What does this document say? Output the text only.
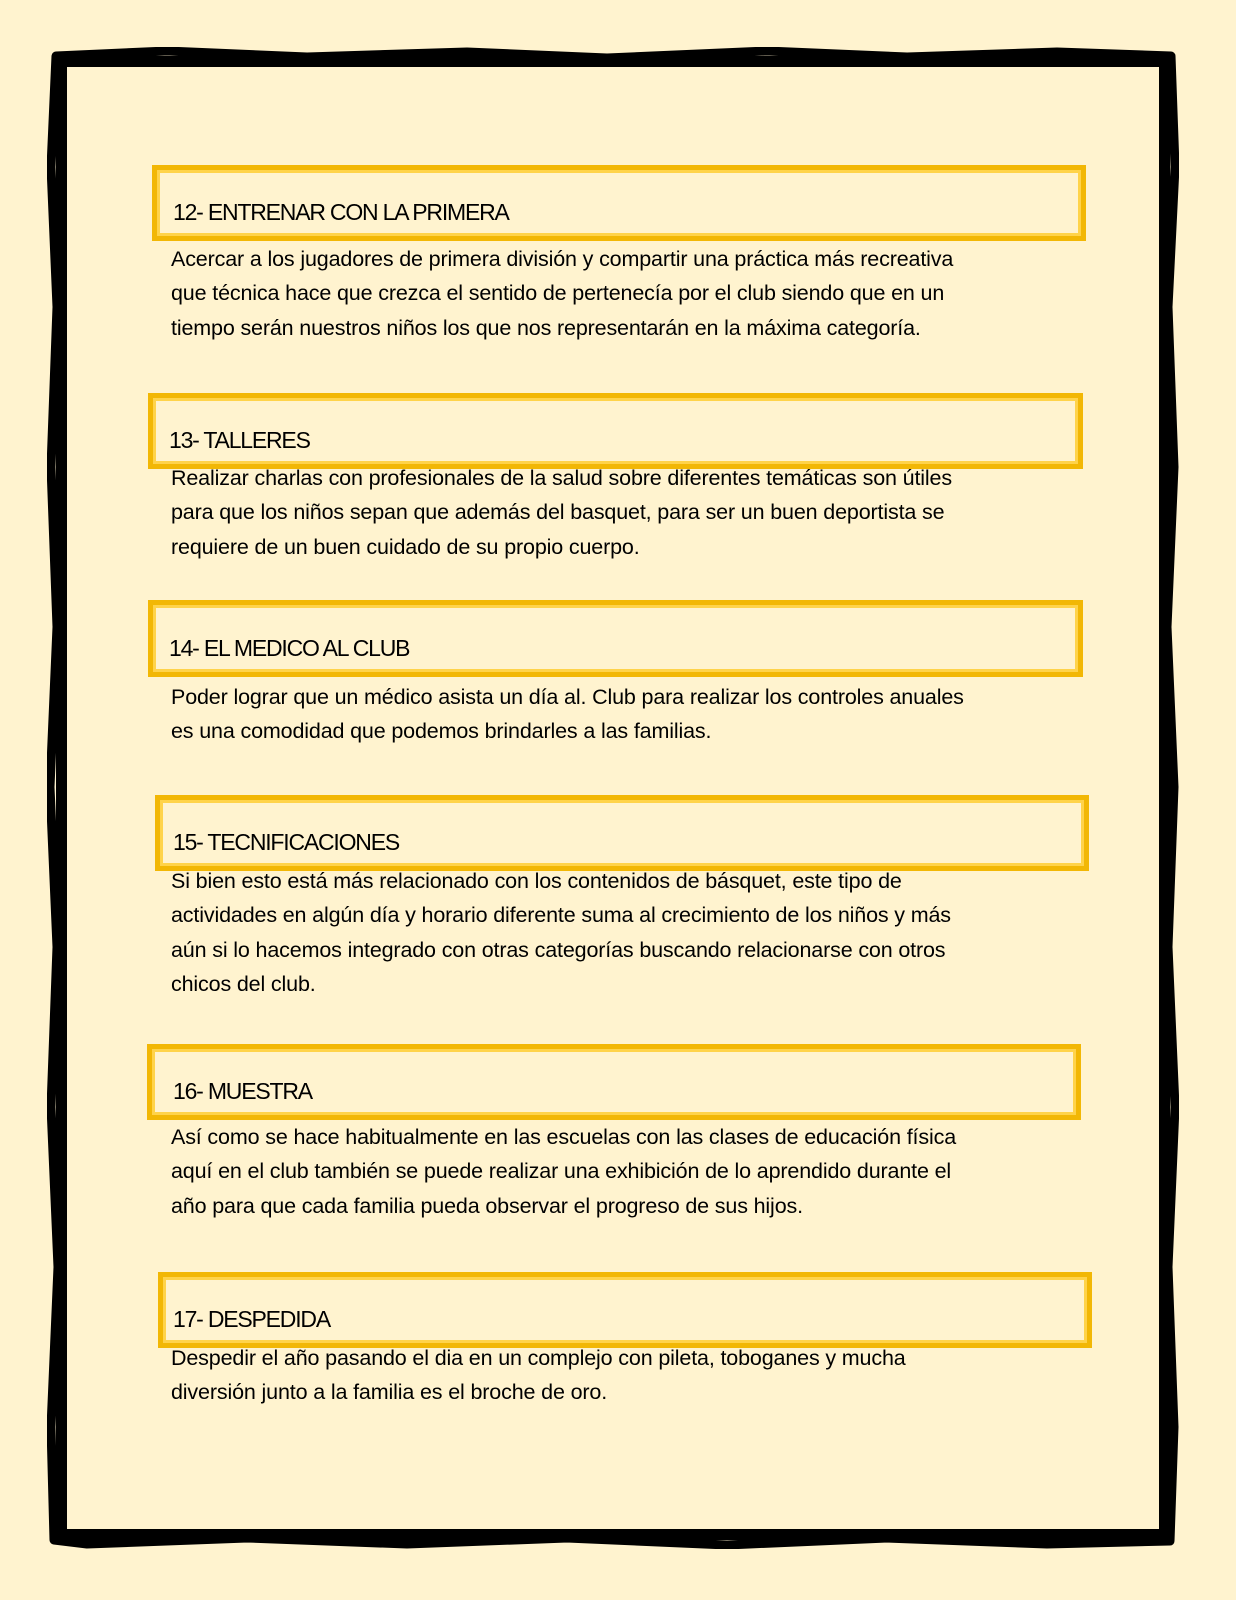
12- ENTRENAR CON LA PRIMERA
Acercar a los jugadores de primera división y compartir una práctica más recreativa
que técnica hace que crezca el sentido de pertenecía por el club siendo que en un
tiempo serán nuestros niños los que nos representarán en la máxima categoría.
13- TALLERES
Realizar charlas con profesionales de la salud sobre diferentes temáticas son útiles
para que los niños sepan que además del basquet, para ser un buen deportista se
requiere de un buen cuidado de su propio cuerpo.
14- EL MEDICO AL CLUB
Poder lograr que un médico asista un día al. Club para realizar los controles anuales
es una comodidad que podemos brindarles a las familias.
15- TECNIFICACIONES
Si bien esto está más relacionado con los contenidos de básquet, este tipo de
actividades en algún día y horario diferente suma al crecimiento de los niños y más
aún si lo hacemos integrado con otras categorías buscando relacionarse con otros
chicos del club.
16- MUESTRA
Así como se hace habitualmente en las escuelas con las clases de educación física
aquí en el club también se puede realizar una exhibición de lo aprendido durante el
año para que cada familia pueda observar el progreso de sus hijos.
17- DESPEDIDA
Despedir el año pasando el dia en un complejo con pileta, toboganes y mucha
diversión junto a la familia es el broche de oro.
